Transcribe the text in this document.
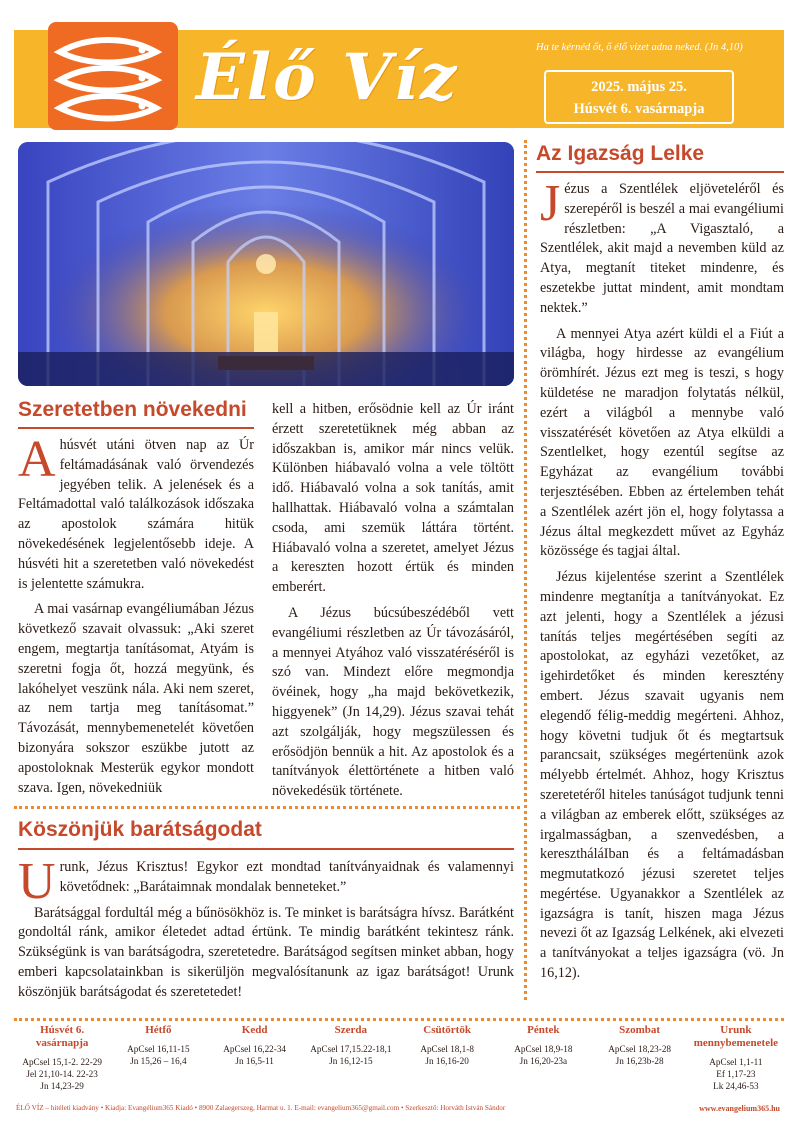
Élő Víz	Ha te kérnéd őt, ő élő vizet adna neked. (Jn 4,10)
2025. május 25.
Húsvét 6. vasárnapja
Az Igazság Lelke

Jézus a Szentlélek eljöveteléről és szerepéről is beszél a mai evangéliumi részletben: „A Vigasztaló, a Szentlélek, akit majd a nevemben küld az Atya, megtanít titeket mindenre, és eszetekbe juttat mindent, amit mondtam nektek.”

A mennyei Atya azért küldi el a Fiút a világba, hogy hirdesse az evangélium örömhírét. Jézus ezt meg is teszi, s hogy küldetése ne maradjon folytatás nélkül, ezért a világból a mennybe való visszatérését követően az Atya elküldi a Szentlelket, hogy ezentúl segítse az Egyházat az evangélium további terjesztésében. Ebben az értelemben tehát a Szentlélek azért jön el, hogy folytassa a Jézus által megkezdett művet az Egyház közössége és tagjai által.

Jézus kijelentése szerint a Szentlélek mindenre megtanítja a tanítványokat. Ez azt jelenti, hogy a Szentlélek a jézusi tanítás teljes megértésében segíti az apostolokat, az egyházi vezetőket, az igehirdetőket és minden keresztény embert. Jézus szavait ugyanis nem elegendő félig-meddig megérteni. Ahhoz, hogy követni tudjuk őt és megtartsuk parancsait, szükséges megértenünk azok mélyebb értelmét. Ahhoz, hogy Krisztus szeretetéről hiteles tanúságot tudjunk tenni a világban az emberek előtt, szükséges az irgalmasságban, a szenvedésben, a keresztháláIban és a feltámadásban megmutatkozó jézusi szeretet teljes megértése. Ugyanakkor a Szentlélek az igazságra is tanít, hiszen maga Jézus nevezi őt az Igazság Lelkének, aki elvezeti a tanítványokat a teljes igazságra (vö. Jn 16,12).

Szeretetben növekedni

Ahúsvét utáni ötven nap az Úr feltámadásának való örvendezés jegyében telik. A jelenések és a Feltámadottal való találkozások időszaka az apostolok számára hitük növekedésének legjelentősebb ideje. A húsvéti hit a szeretetben való növekedést is jelentette számukra.

A mai vasárnap evangéliumában Jézus következő szavait olvassuk: „Aki szeret engem, megtartja tanításomat, Atyám is szeretni fogja őt, hozzá megyünk, és lakóhelyet veszünk nála. Aki nem szeret, az nem tartja meg tanításomat.” Távozását, mennybemenetelét követően bizonyára sokszor eszükbe jutott az apostoloknak Mesterük egykor mondott szava. Igen, növekedniük

kell a hitben, erősödnie kell az Úr iránt érzett szeretetüknek még abban az időszakban is, amikor már nincs velük. Különben hiábavaló volna a vele töltött idő. Hiábavaló volna a sok tanítás, amit hallhattak. Hiábavaló volna a számtalan csoda, ami szemük láttára történt. Hiábavaló volna a szeretet, amelyet Jézus a kereszten hozott értük és minden emberért.

A Jézus búcsúbeszédéből vett evangéliumi részletben az Úr távozásáról, a mennyei Atyához való visszatéréséről is szó van. Mindezt előre megmondja övéinek, hogy „ha majd bekövetkezik, higgyenek” (Jn 14,29). Jézus szavai tehát azt szolgálják, hogy megszülessen és erősödjön bennük a hit. Az apostolok és a tanítványok élettörténete a hitben való növekedésük története.

Köszönjük barátságodat

Urunk, Jézus Krisztus! Egykor ezt mondtad tanítványaidnak és valamennyi követődnek: „Barátaimnak mondalak benneteket.”

Barátsággal fordultál még a bűnösökhöz is. Te minket is barátságra hívsz. Barátként gondoltál ránk, amikor életedet adtad értünk. Te mindig barátként tekintesz ránk. Szükségünk is van barátságodra, szeretetedre. Barátságod segítsen minket abban, hogy emberi kapcsolatainkban is sikerüljön megvalósítanunk az igaz barátságot! Urunk köszönjük barátságodat és szeretetedet!

Húsvét 6. vasárnapja
ApCsel 15,1-2. 22-29
Jel 21,10-14. 22-23
Jn 14,23-29
Hétfő
ApCsel 16,11-15
Jn 15,26 – 16,4
Kedd
ApCsel 16,22-34
Jn 16,5-11
Szerda
ApCsel 17,15.22-18,1
Jn 16,12-15
Csütörtök
ApCsel 18,1-8
Jn 16,16-20
Péntek
ApCsel 18,9-18
Jn 16,20-23a
Szombat
ApCsel 18,23-28
Jn 16,23b-28
Urunk mennybemenetele
ApCsel 1,1-11
Ef 1,17-23
Lk 24,46-53
ÉLŐ VÍZ – hitéleti kiadvány • Kiadja: Evangélium365 Kiadó • 8900 Zalaegerszeg, Harmat u. 1. E-mail: evangelium365@gmail.com • Szerkesztő: Horváth István Sándor	www.evangelium365.hu
